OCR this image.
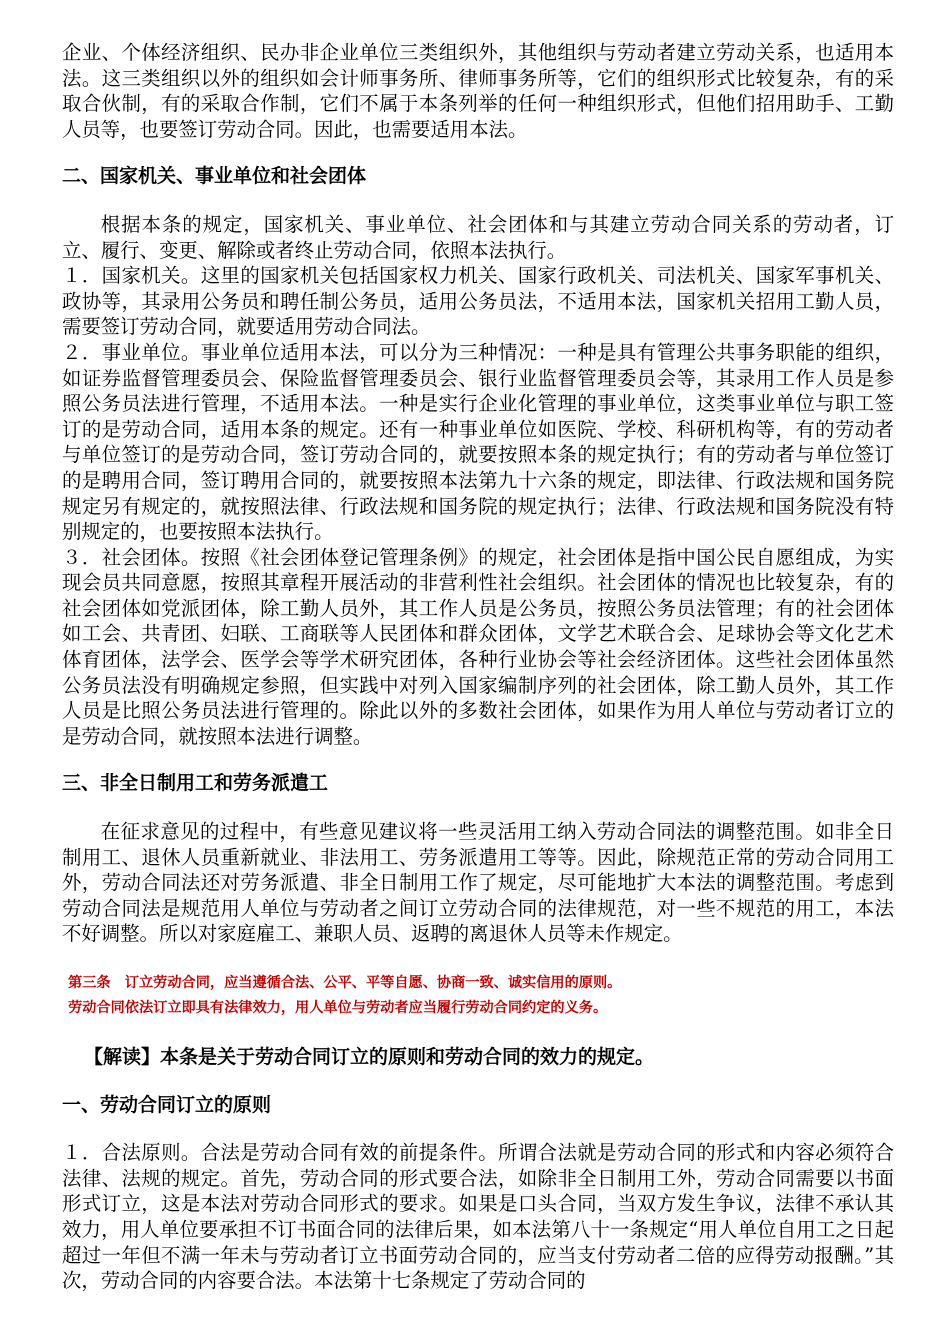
企业、个体经济组织、民办非企业单位三类组织外，其他组织与劳动者建立劳动关系，也适用本法。这三类组织以外的组织如会计师事务所、律师事务所等，它们的组织形式比较复杂，有的采取合伙制，有的采取合作制，它们不属于本条列举的任何一种组织形式，但他们招用助手、工勤人员等，也要签订劳动合同。因此，也需要适用本法。

二、国家机关、事业单位和社会团体

根据本条的规定，国家机关、事业单位、社会团体和与其建立劳动合同关系的劳动者，订立、履行、变更、解除或者终止劳动合同，依照本法执行。

１．国家机关。这里的国家机关包括国家权力机关、国家行政机关、司法机关、国家军事机关、政协等，其录用公务员和聘任制公务员，适用公务员法，不适用本法，国家机关招用工勤人员，需要签订劳动合同，就要适用劳动合同法。

２．事业单位。事业单位适用本法，可以分为三种情况：一种是具有管理公共事务职能的组织，如证券监督管理委员会、保险监督管理委员会、银行业监督管理委员会等，其录用工作人员是参照公务员法进行管理，不适用本法。一种是实行企业化管理的事业单位，这类事业单位与职工签订的是劳动合同，适用本条的规定。还有一种事业单位如医院、学校、科研机构等，有的劳动者与单位签订的是劳动合同，签订劳动合同的，就要按照本条的规定执行；有的劳动者与单位签订的是聘用合同，签订聘用合同的，就要按照本法第九十六条的规定，即法律、行政法规和国务院规定另有规定的，就按照法律、行政法规和国务院的规定执行；法律、行政法规和国务院没有特别规定的，也要按照本法执行。

３．社会团体。按照《社会团体登记管理条例》的规定，社会团体是指中国公民自愿组成，为实现会员共同意愿，按照其章程开展活动的非营利性社会组织。社会团体的情况也比较复杂，有的社会团体如党派团体，除工勤人员外，其工作人员是公务员，按照公务员法管理；有的社会团体如工会、共青团、妇联、工商联等人民团体和群众团体，文学艺术联合会、足球协会等文化艺术体育团体，法学会、医学会等学术研究团体，各种行业协会等社会经济团体。这些社会团体虽然公务员法没有明确规定参照，但实践中对列入国家编制序列的社会团体，除工勤人员外，其工作人员是比照公务员法进行管理的。除此以外的多数社会团体，如果作为用人单位与劳动者订立的是劳动合同，就按照本法进行调整。

三、非全日制用工和劳务派遣工

在征求意见的过程中，有些意见建议将一些灵活用工纳入劳动合同法的调整范围。如非全日制用工、退休人员重新就业、非法用工、劳务派遣用工等等。因此，除规范正常的劳动合同用工外，劳动合同法还对劳务派遣、非全日制用工作了规定，尽可能地扩大本法的调整范围。考虑到劳动合同法是规范用人单位与劳动者之间订立劳动合同的法律规范，对一些不规范的用工，本法不好调整。所以对家庭雇工、兼职人员、返聘的离退休人员等未作规定。

第三条　订立劳动合同，应当遵循合法、公平、平等自愿、协商一致、诚实信用的原则。

劳动合同依法订立即具有法律效力，用人单位与劳动者应当履行劳动合同约定的义务。

【解读】本条是关于劳动合同订立的原则和劳动合同的效力的规定。

一、劳动合同订立的原则

１．合法原则。合法是劳动合同有效的前提条件。所谓合法就是劳动合同的形式和内容必须符合法律、法规的规定。首先，劳动合同的形式要合法，如除非全日制用工外，劳动合同需要以书面形式订立，这是本法对劳动合同形式的要求。如果是口头合同，当双方发生争议，法律不承认其效力，用人单位要承担不订书面合同的法律后果，如本法第八十一条规定“用人单位自用工之日起超过一年但不满一年未与劳动者订立书面劳动合同的，应当支付劳动者二倍的应得劳动报酬。”其次，劳动合同的内容要合法。本法第十七条规定了劳动合同的
